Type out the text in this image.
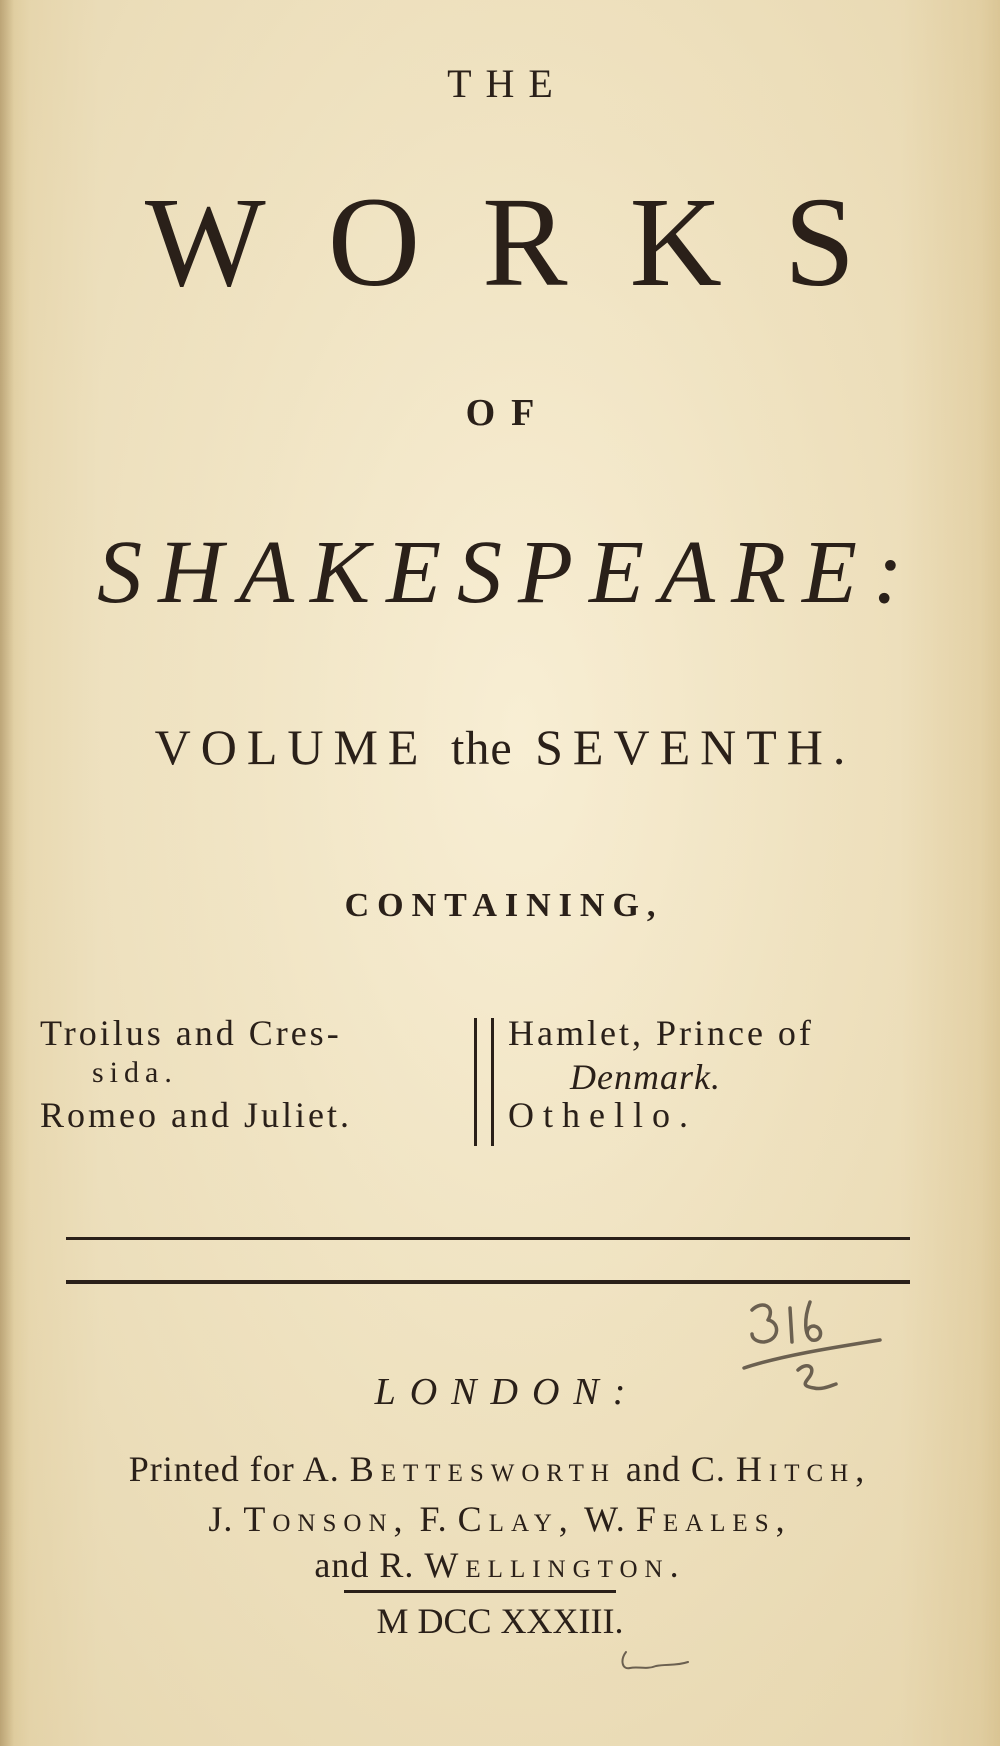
THE
WORKS
OF
SHAKESPEARE:
VOLUME the SEVENTH.
CONTAINING,
Troilus and Cres-
sida.
Romeo and Juliet.
Hamlet, Prince of
Denmark.
Othello.
LONDON:
Printed for A. Bettesworth and C. Hitch,
J. Tonson, F. Clay, W. Feales,
and R. Wellington.
M DCC XXXIII.
